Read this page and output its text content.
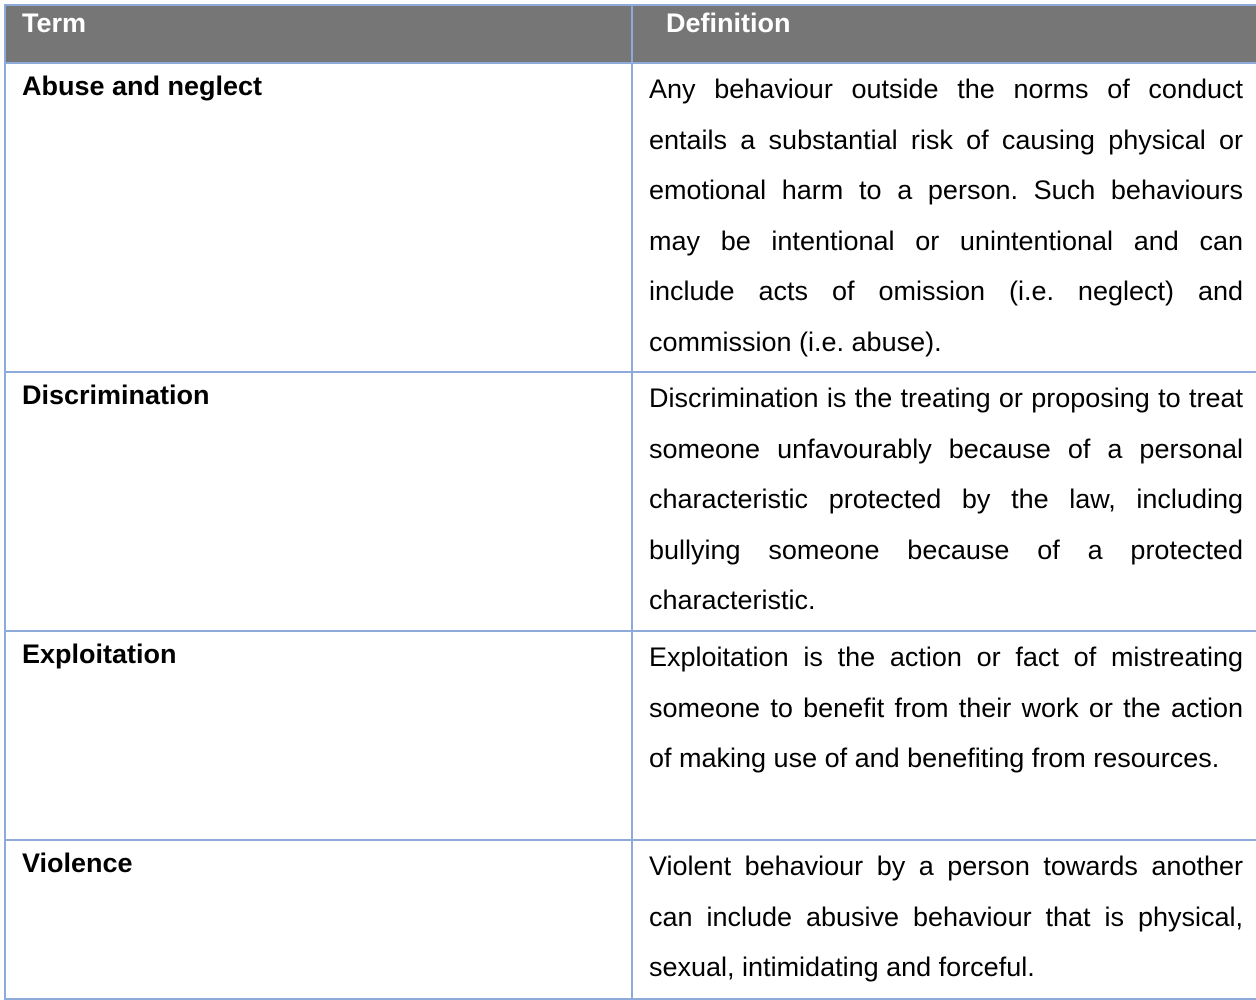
Term	Definition
Abuse and neglect	Any behaviour outside the norms of conduct entails a substantial risk of causing physical or emotional harm to a person. Such behaviours may be intentional or unintentional and can include acts of omission (i.e. neglect) and commission (i.e. abuse).
Discrimination	Discrimination is the treating or proposing to treat someone unfavourably because of a personal characteristic protected by the law, including bullying someone because of a protected characteristic.
Exploitation	Exploitation is the action or fact of mistreating someone to benefit from their work or the action of making use of and benefiting from resources.
Violence	Violent behaviour by a person towards another can include abusive behaviour that is physical, sexual, intimidating and forceful.
